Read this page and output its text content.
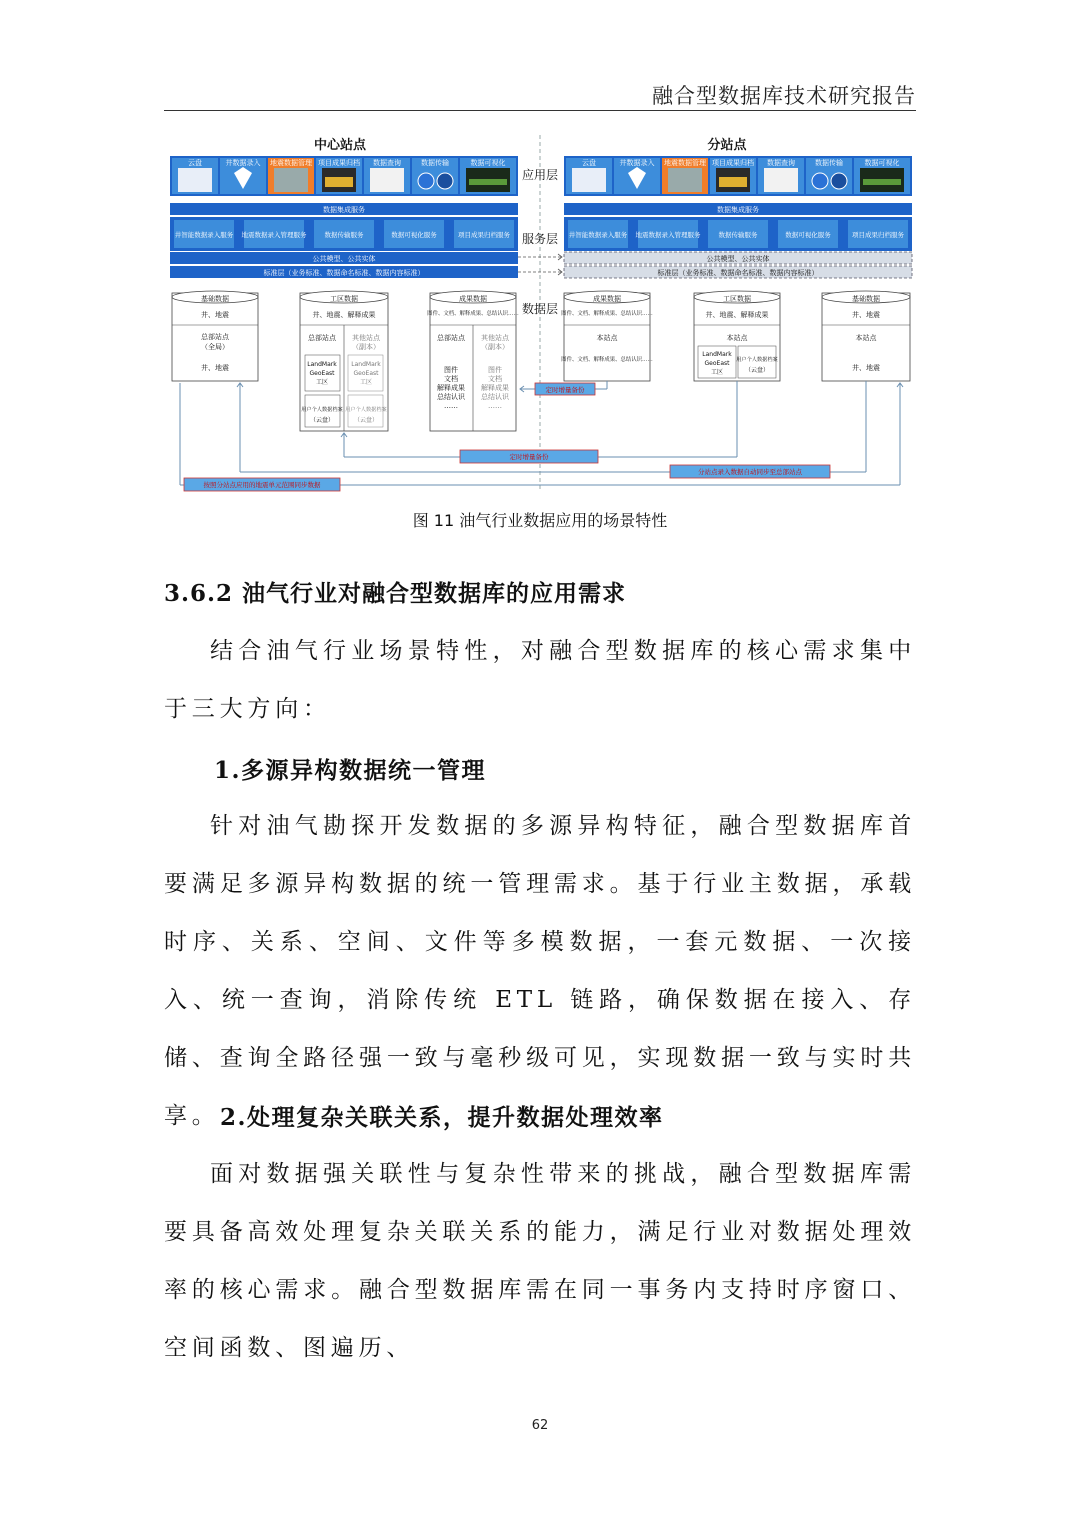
融合型数据库技术研究报告
中心站点	分站点
应用层
服务层
数据层
云盘	井数据录入 地震数据管理 项目成果归档 数据查询	数据传输	数据可视化	云盘	井数据录入 地震数据管理 项目成果归档 数据查询	数据传输	数据可视化
数据集成服务
井智能数据录入服务 地震数据录入管理服务	数据传输服务	数据可视化服务	项目成果归档服务
公共模型、公共实体
标准层（业务标准、数据命名标准、数据内容标准）
数据集成服务
井智能数据录入服务 地震数据录入管理服务	数据传输服务	数据可视化服务	项目成果归档服务
公共模型、公共实体
标准层（业务标准、数据命名标准、数据内容标准）
基础数据
井、地震
总部站点
（全局）
井、地震
工区数据
井、地震、解释成果
总部站点 其他站点
（副本）
LandMark
GeoEast
工区
LandMark
GeoEast
工区
用户个人数据档案
（云盘）
用户个人数据档案
（云盘）
成果数据
图件、文档、解释成果、总结认识……
总部站点 其他站点
（副本）
图件
文档
解释成果
总结认识
……
图件
文档
解释成果
总结认识
……
成果数据
图件、文档、解释成果、总结认识……
本站点
图件、文档、解释成果、总结认识……
工区数据
井、地震、解释成果
本站点
LandMark
GeoEast
工区
用户个人数据档案
（云盘）
基础数据
井、地震
本站点
井、地震
定时增量备份
定时增量备份
分站点录入数据自动同步至总部站点
按照分站点应用的地震单元范围同步数据
图 11 油气行业数据应用的场景特性
3.6.2 油气行业对融合型数据库的应用需求

结合油气行业场景特性，对融合型数据库的核心需求集中于三大方向：

1.多源异构数据统一管理

针对油气勘探开发数据的多源异构特征，融合型数据库首要满足多源异构数据的统一管理需求。基于行业主数据，承载时序、关系、空间、文件等多模数据，一套元数据、一次接入、统一查询，消除传统 ETL 链路，确保数据在接入、存储、查询全路径强一致与毫秒级可见，实现数据一致与实时共享。 2.处理复杂关联关系，提升数据处理效率

面对数据强关联性与复杂性带来的挑战，融合型数据库需要具备高效处理复杂关联关系的能力，满足行业对数据处理效率的核心需求。融合型数据库需在同一事务内支持时序窗口、空间函数、图遍历、

62
